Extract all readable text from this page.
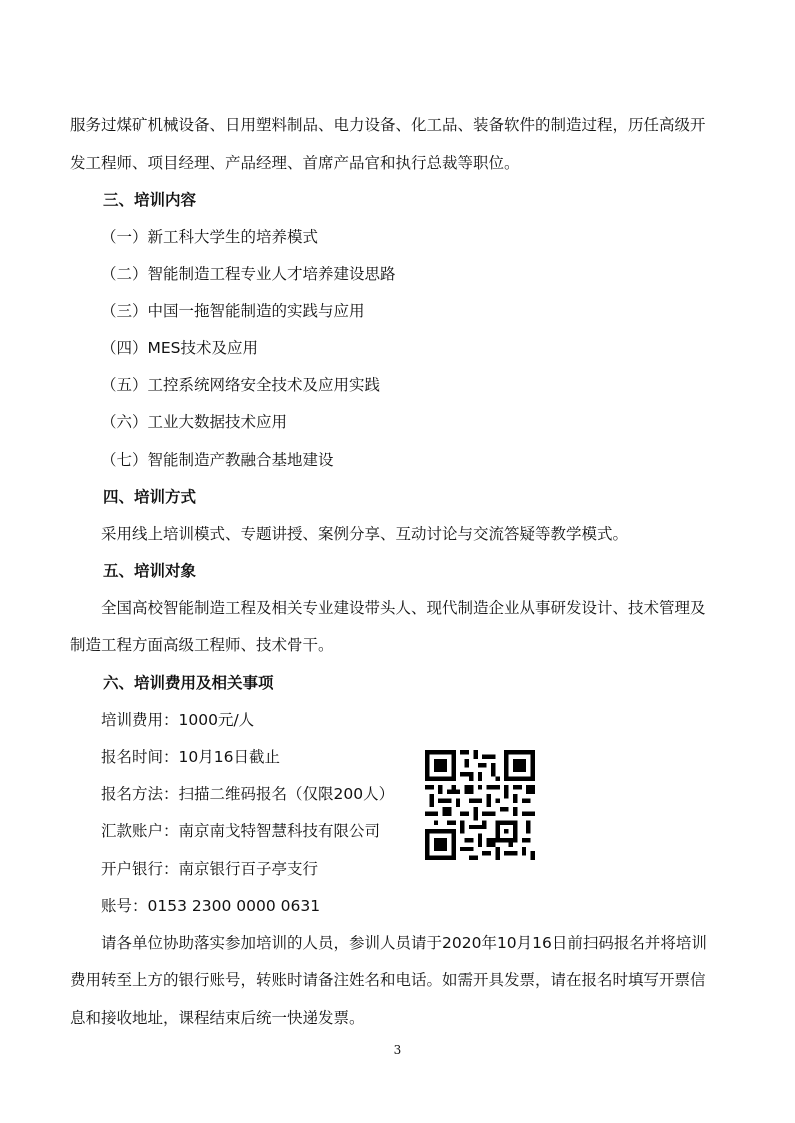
服务过煤矿机械设备、日用塑料制品、电力设备、化工品、装备软件的制造过程，历任高级开
发工程师、项目经理、产品经理、首席产品官和执行总裁等职位。
三、培训内容
（一）新工科大学生的培养模式
（二）智能制造工程专业人才培养建设思路
（三）中国一拖智能制造的实践与应用
（四）MES技术及应用
（五）工控系统网络安全技术及应用实践
（六）工业大数据技术应用
（七）智能制造产教融合基地建设
四、培训方式
采用线上培训模式、专题讲授、案例分享、互动讨论与交流答疑等教学模式。
五、培训对象
全国高校智能制造工程及相关专业建设带头人、现代制造企业从事研发设计、技术管理及
制造工程方面高级工程师、技术骨干。
六、培训费用及相关事项
培训费用：1000元/人
报名时间：10月16日截止
报名方法：扫描二维码报名（仅限200人）
汇款账户：南京南戈特智慧科技有限公司
开户银行：南京银行百子亭支行
账号：0153 2300 0000 0631
请各单位协助落实参加培训的人员，参训人员请于2020年10月16日前扫码报名并将培训
费用转至上方的银行账号，转账时请备注姓名和电话。如需开具发票，请在报名时填写开票信
息和接收地址，课程结束后统一快递发票。
3
